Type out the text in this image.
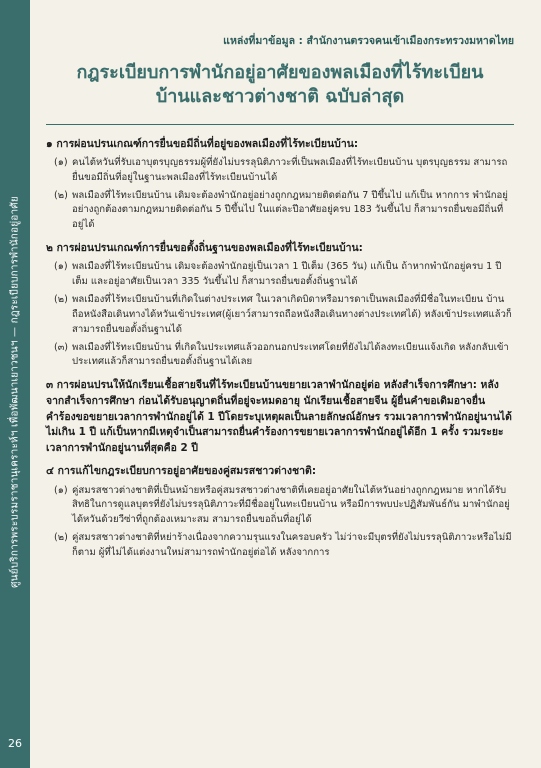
ศูนย์บริการพระบรมราชานุเคราะห์ฯ เพื่อพัฒนาเยาวชนฯ — กฎระเบียบการพำนักอยู่อาศัย
26

แหล่งที่มาข้อมูล : สำนักงานตรวจคนเข้าเมืองกระทรวงมหาดไทย

กฎระเบียบการพำนักอยู่อาศัยของพลเมืองที่ไร้ทะเบียน
บ้านและชาวต่างชาติ ฉบับล่าสุด

๑ การผ่อนปรนเกณฑ์การยื่นขอมีถิ่นที่อยู่ของพลเมืองที่ไร้ทะเบียนบ้าน:

(๑) คนไต้หวันที่รับเอาบุตรบุญธรรมผู้ที่ยังไม่บรรลุนิติภาวะที่เป็นพลเมืองที่ไร้ทะเบียนบ้าน บุตรบุญธรรม สามารถยื่นขอมีถิ่นที่อยู่ในฐานะพลเมืองที่ไร้ทะเบียนบ้านได้
(๒) พลเมืองที่ไร้ทะเบียนบ้าน เดิมจะต้องพำนักอยู่อย่างถูกกฎหมายติดต่อกัน 7 ปีขึ้นไป แก้เป็น หากการ พำนักอยู่อย่างถูกต้องตามกฎหมายติดต่อกัน 5 ปีขึ้นไป ในแต่ละปีอาศัยอยู่ครบ 183 วันขึ้นไป ก็สามารถยื่นขอมีถิ่นที่อยู่ได้

๒ การผ่อนปรนเกณฑ์การยื่นขอตั้งถิ่นฐานของพลเมืองที่ไร้ทะเบียนบ้าน:

(๑) พลเมืองที่ไร้ทะเบียนบ้าน เดิมจะต้องพำนักอยู่เป็นเวลา 1 ปีเต็ม (365 วัน) แก้เป็น ถ้าหากพำนักอยู่ครบ 1 ปีเต็ม และอยู่อาศัยเป็นเวลา 335 วันขึ้นไป ก็สามารถยื่นขอตั้งถิ่นฐานได้
(๒) พลเมืองที่ไร้ทะเบียนบ้านที่เกิดในต่างประเทศ ในเวลาเกิดบิดาหรือมารดาเป็นพลเมืองที่มีชื่อในทะเบียน บ้าน ถือหนังสือเดินทางได้หวันเข้าประเทศ(ผู้เยาว์สามารถถือหนังสือเดินทางต่างประเทศได้) หลังเข้าประเทศแล้วก็สามารถยื่นขอตั้งถิ่นฐานได้
(๓) พลเมืองที่ไร้ทะเบียนบ้าน ที่เกิดในประเทศแล้วออกนอกประเทศโดยที่ยังไม่ได้ลงทะเบียนแจ้งเกิด หลังกลับเข้าประเทศแล้วก็สามารถยื่นขอตั้งถิ่นฐานได้เลย

๓ การผ่อนปรนให้นักเรียนเชื้อสายจีนที่ไร้ทะเบียนบ้านขยายเวลาพำนักอยู่ต่อ หลังสำเร็จการศึกษา: หลังจากสำเร็จการศึกษา ก่อนได้รับอนุญาตถิ่นที่อยู่จะหมดอายุ นักเรียนเชื้อสายจีน ผู้ยื่นคำขอเดิมอาจยื่นคำร้องขอขยายเวลาการพำนักอยู่ได้ 1 ปีโดยระบุเหตุผลเป็นลายลักษณ์อักษร รวมเวลาการพำนักอยู่นานได้ไม่เกิน 1 ปี แก้เป็นหากมีเหตุจำเป็นสามารถยื่นคำร้องการขยายเวลาการพำนักอยู่ได้อีก 1 ครั้ง รวมระยะเวลาการพำนักอยู่นานที่สุดคือ 2 ปี

๔ การแก้ไขกฎระเบียบการอยู่อาศัยของคู่สมรสชาวต่างชาติ:

(๑) คู่สมรสชาวต่างชาติที่เป็นหม้ายหรือคู่สมรสชาวต่างชาติที่เคยอยู่อาศัยในไต้หวันอย่างถูกกฎหมาย หากได้รับสิทธิในการดูแลบุตรที่ยังไม่บรรลุนิติภาวะที่มีชื่ออยู่ในทะเบียนบ้าน หรือมีการพบปะปฏิสัมพันธ์กัน มาพำนักอยู่ได้หวันด้วยวีซ่าที่ถูกต้องเหมาะสม สามารถยื่นขอถิ่นที่อยู่ได้
(๒) คู่สมรสชาวต่างชาติที่หย่าร้างเนื่องจากความรุนแรงในครอบครัว ไม่ว่าจะมีบุตรที่ยังไม่บรรลุนิติภาวะหรือไม่มีก็ตาม ผู้ที่ไม่ได้แต่งงานใหม่สามารถพำนักอยู่ต่อได้ หลังจากการ
